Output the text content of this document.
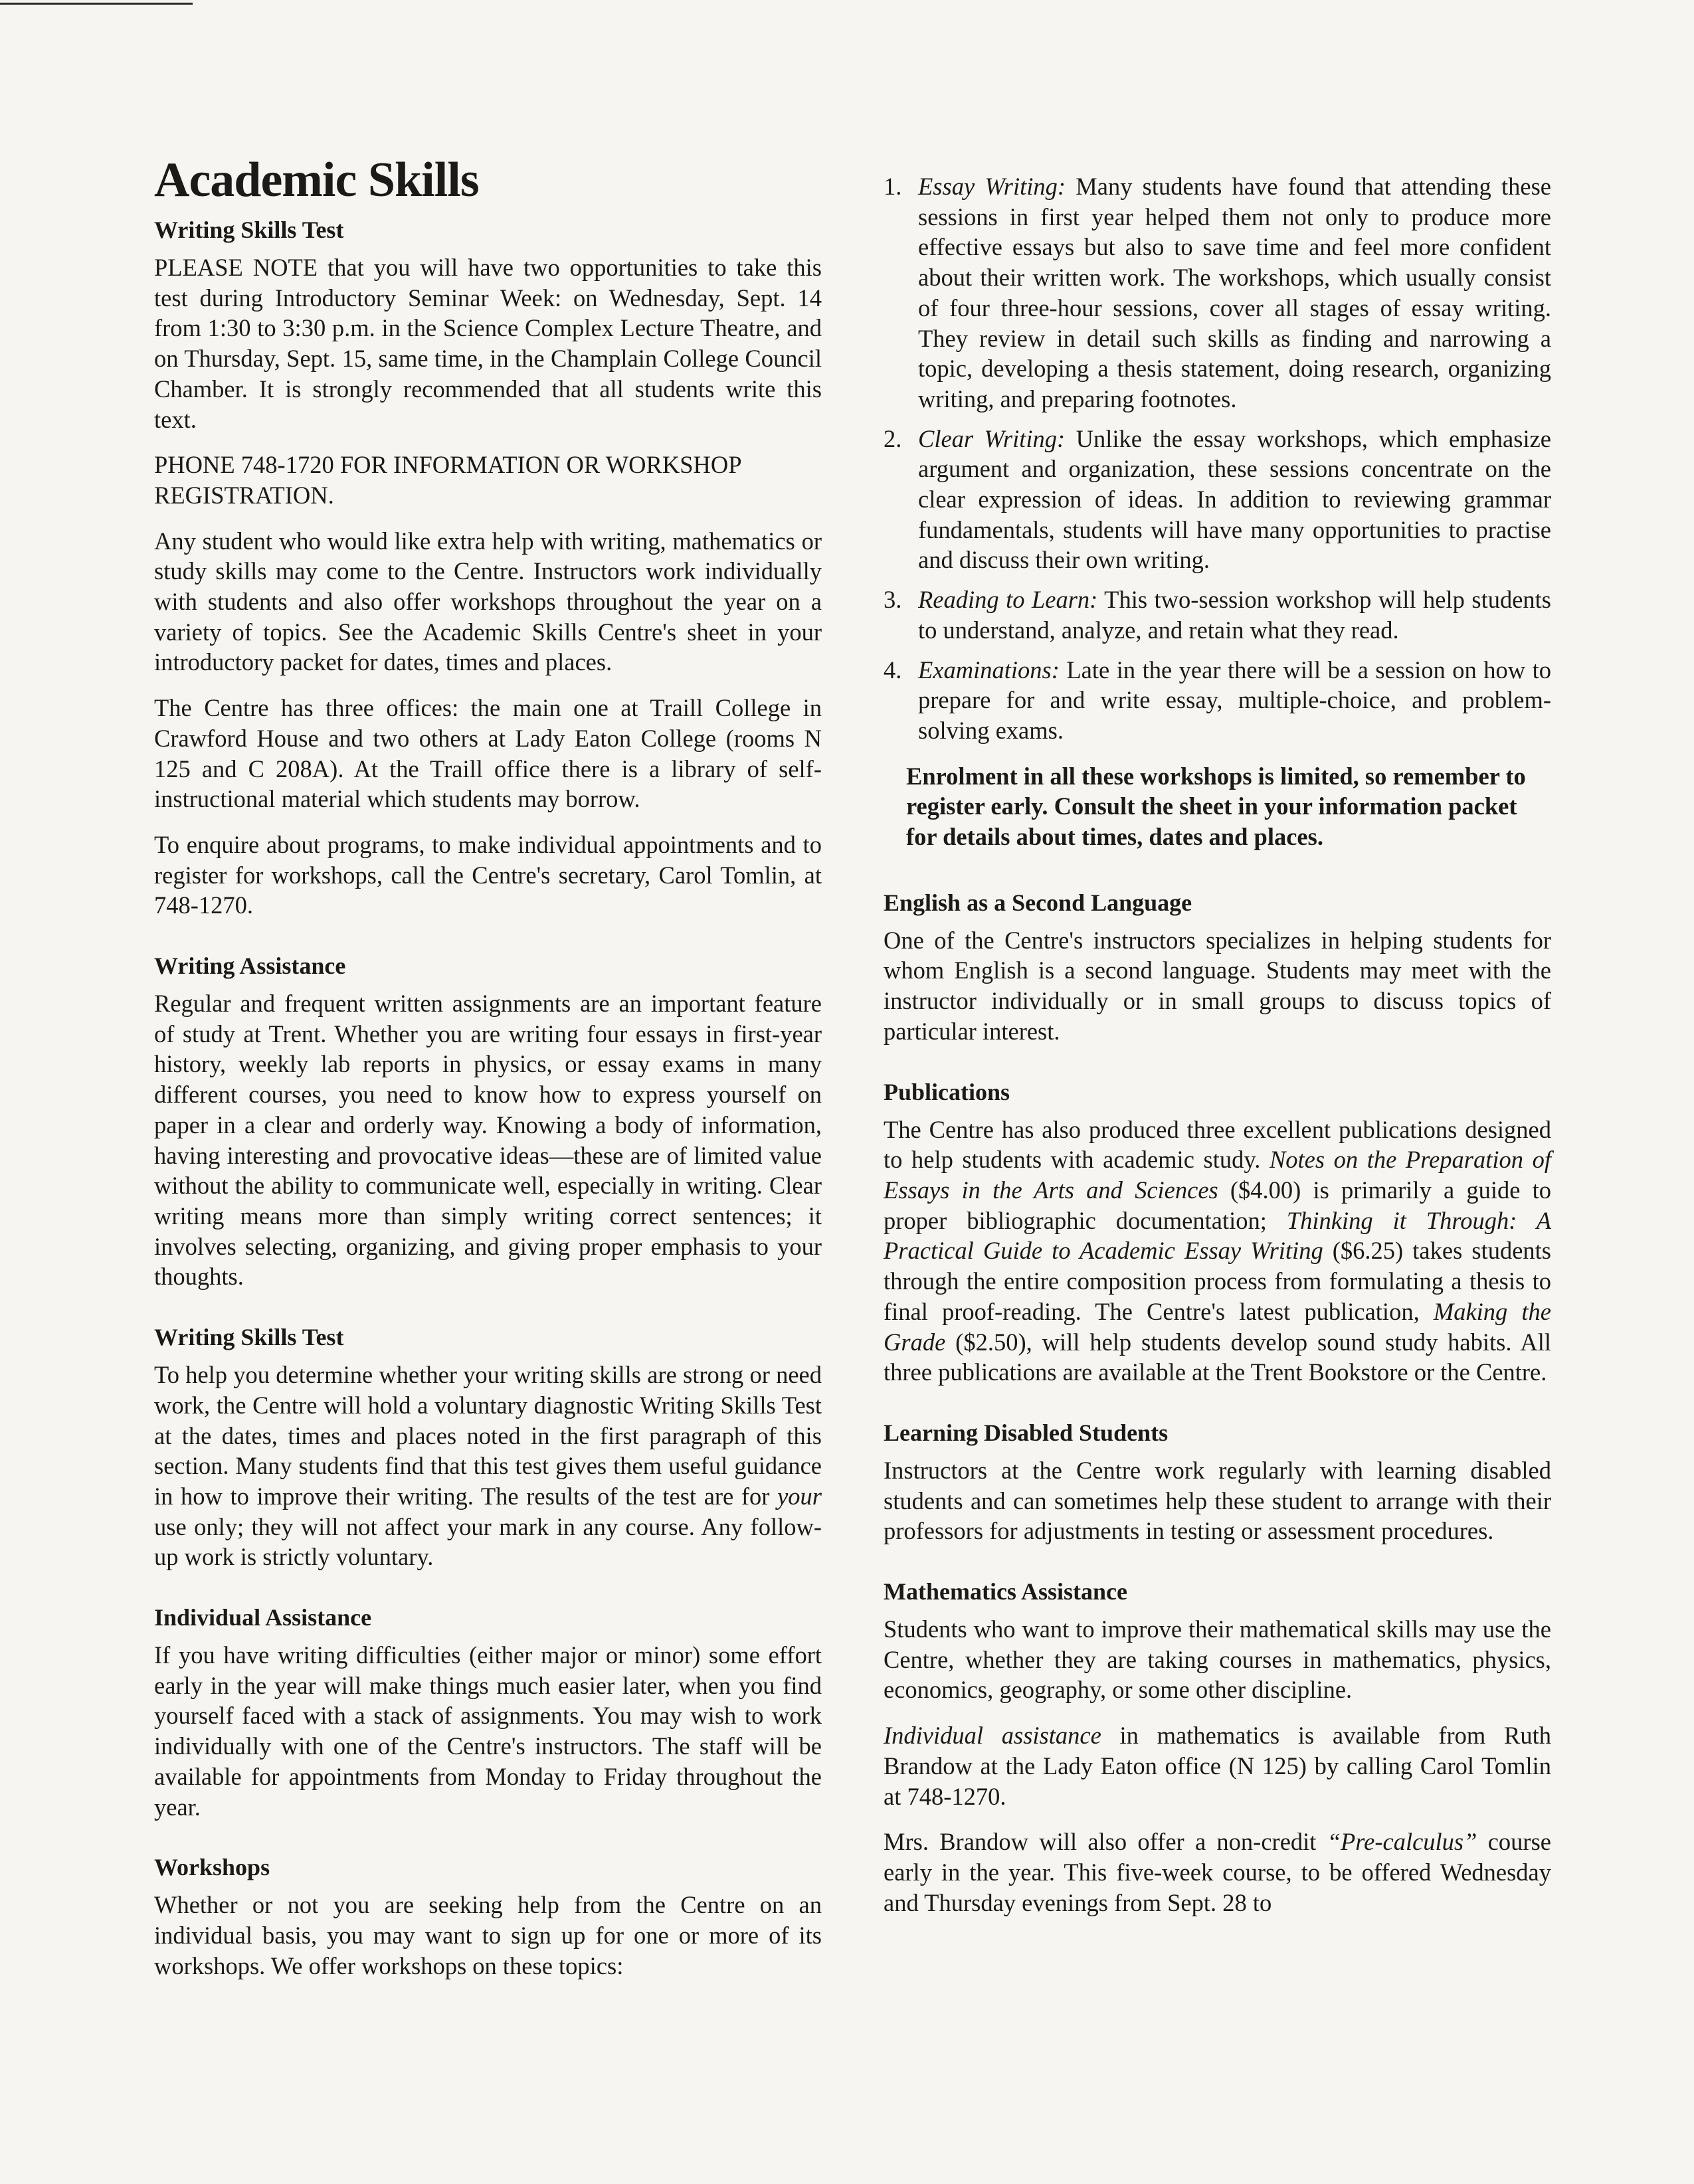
Academic Skills
Writing Skills Test

PLEASE NOTE that you will have two opportunities to take this test during Introductory Seminar Week: on Wednesday, Sept. 14 from 1:30 to 3:30 p.m. in the Science Complex Lecture Theatre, and on Thursday, Sept. 15, same time, in the Champlain College Council Chamber. It is strongly recommended that all students write this text.

PHONE 748-1720 FOR INFORMATION OR WORKSHOP REGISTRATION.

Any student who would like extra help with writing, mathematics or study skills may come to the Centre. Instructors work individually with students and also offer workshops throughout the year on a variety of topics. See the Academic Skills Centre's sheet in your introductory packet for dates, times and places.

The Centre has three offices: the main one at Traill College in Crawford House and two others at Lady Eaton College (rooms N 125 and C 208A). At the Traill office there is a library of self-instructional material which students may borrow.

To enquire about programs, to make individual appointments and to register for workshops, call the Centre's secretary, Carol Tomlin, at 748-1270.

Writing Assistance

Regular and frequent written assignments are an important feature of study at Trent. Whether you are writing four essays in first-year history, weekly lab reports in physics, or essay exams in many different courses, you need to know how to express yourself on paper in a clear and orderly way. Knowing a body of information, having interesting and provocative ideas—these are of limited value without the ability to communicate well, especially in writing. Clear writing means more than simply writing correct sentences; it involves selecting, organizing, and giving proper emphasis to your thoughts.

Writing Skills Test

To help you determine whether your writing skills are strong or need work, the Centre will hold a voluntary diagnostic Writing Skills Test at the dates, times and places noted in the first paragraph of this section. Many students find that this test gives them useful guidance in how to improve their writing. The results of the test are for your use only; they will not affect your mark in any course. Any follow-up work is strictly voluntary.

Individual Assistance

If you have writing difficulties (either major or minor) some effort early in the year will make things much easier later, when you find yourself faced with a stack of assignments. You may wish to work individually with one of the Centre's instructors. The staff will be available for appointments from Monday to Friday throughout the year.

Workshops

Whether or not you are seeking help from the Centre on an individual basis, you may want to sign up for one or more of its workshops. We offer workshops on these topics:

1. Essay Writing: Many students have found that attending these sessions in first year helped them not only to produce more effective essays but also to save time and feel more confident about their written work. The workshops, which usually consist of four three-hour sessions, cover all stages of essay writing. They review in detail such skills as finding and narrowing a topic, developing a thesis statement, doing research, organizing writing, and preparing footnotes.
2. Clear Writing: Unlike the essay workshops, which emphasize argument and organization, these sessions concentrate on the clear expression of ideas. In addition to reviewing grammar fundamentals, students will have many opportunities to practise and discuss their own writing.
3. Reading to Learn: This two-session workshop will help students to understand, analyze, and retain what they read.
4. Examinations: Late in the year there will be a session on how to prepare for and write essay, multiple-choice, and problem-solving exams.

Enrolment in all these workshops is limited, so remember to register early. Consult the sheet in your information packet for details about times, dates and places.

English as a Second Language

One of the Centre's instructors specializes in helping students for whom English is a second language. Students may meet with the instructor individually or in small groups to discuss topics of particular interest.

Publications

The Centre has also produced three excellent publications designed to help students with academic study. Notes on the Preparation of Essays in the Arts and Sciences ($4.00) is primarily a guide to proper bibliographic documentation; Thinking it Through: A Practical Guide to Academic Essay Writing ($6.25) takes students through the entire composition process from formulating a thesis to final proof-reading. The Centre's latest publication, Making the Grade ($2.50), will help students develop sound study habits. All three publications are available at the Trent Bookstore or the Centre.

Learning Disabled Students

Instructors at the Centre work regularly with learning disabled students and can sometimes help these student to arrange with their professors for adjustments in testing or assessment procedures.

Mathematics Assistance

Students who want to improve their mathematical skills may use the Centre, whether they are taking courses in mathematics, physics, economics, geography, or some other discipline.

Individual assistance in mathematics is available from Ruth Brandow at the Lady Eaton office (N 125) by calling Carol Tomlin at 748-1270.

Mrs. Brandow will also offer a non-credit “Pre-calculus” course early in the year. This five-week course, to be offered Wednesday and Thursday evenings from Sept. 28 to
